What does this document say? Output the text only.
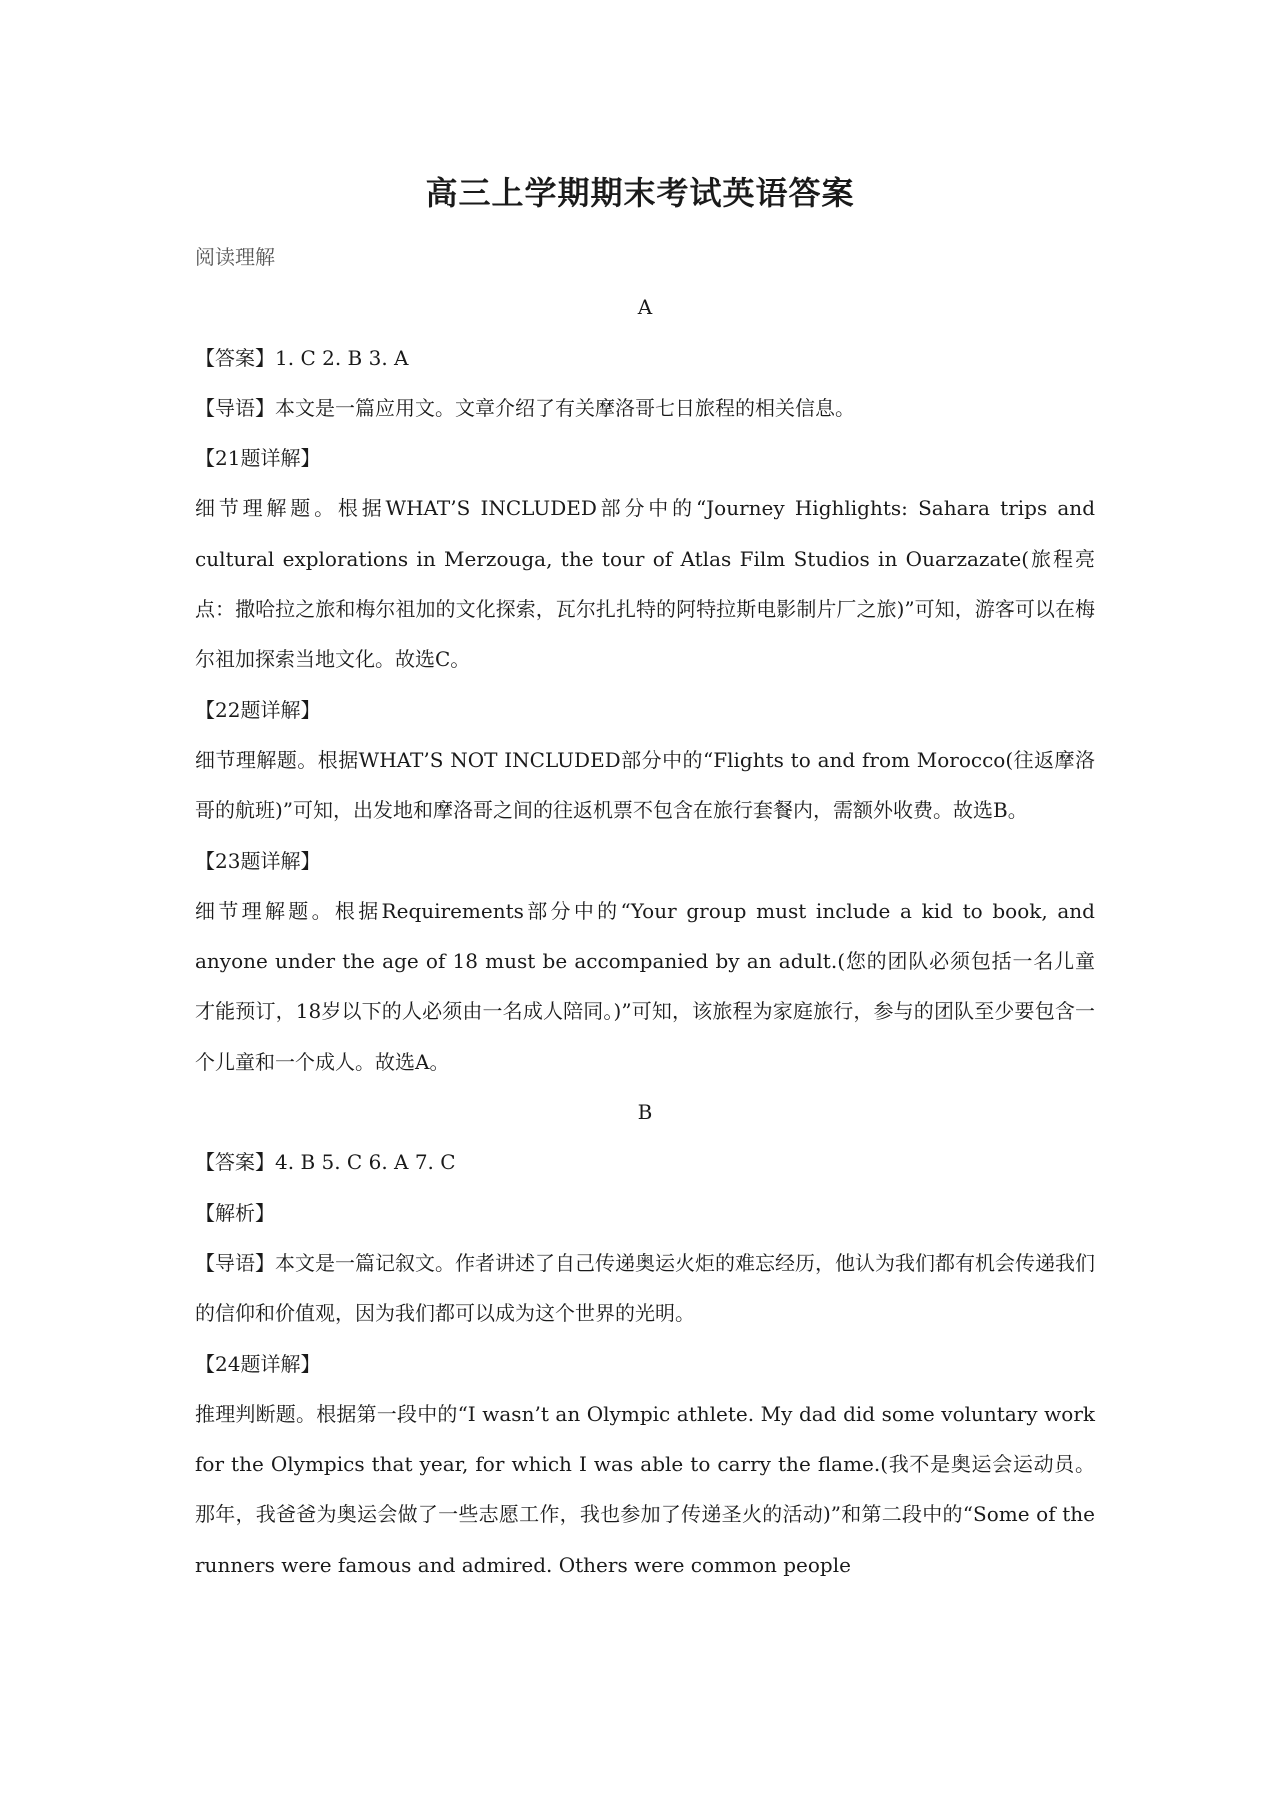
高三上学期期末考试英语答案

阅读理解

A

【答案】1. C 2. B 3. A

【导语】本文是一篇应用文。文章介绍了有关摩洛哥七日旅程的相关信息。

【21题详解】

细节理解题。根据WHAT’S INCLUDED部分中的“Journey Highlights: Sahara trips and cultural explorations in Merzouga, the tour of Atlas Film Studios in Ouarzazate(旅程亮点：撒哈拉之旅和梅尔祖加的文化探索，瓦尔扎扎特的阿特拉斯电影制片厂之旅)”可知，游客可以在梅尔祖加探索当地文化。故选C。

【22题详解】

细节理解题。根据WHAT’S NOT INCLUDED部分中的“Flights to and from Morocco(往返摩洛哥的航班)”可知，出发地和摩洛哥之间的往返机票不包含在旅行套餐内，需额外收费。故选B。

【23题详解】

细节理解题。根据Requirements部分中的“Your group must include a kid to book, and anyone under the age of 18 must be accompanied by an adult.(您的团队必须包括一名儿童才能预订，18岁以下的人必须由一名成人陪同。)”可知，该旅程为家庭旅行，参与的团队至少要包含一个儿童和一个成人。故选A。

B

【答案】4. B 5. C 6. A 7. C

【解析】

【导语】本文是一篇记叙文。作者讲述了自己传递奥运火炬的难忘经历，他认为我们都有机会传递我们的信仰和价值观，因为我们都可以成为这个世界的光明。

【24题详解】

推理判断题。根据第一段中的“I wasn’t an Olympic athlete. My dad did some voluntary work for the Olympics that year, for which I was able to carry the flame.(我不是奥运会运动员。那年，我爸爸为奥运会做了一些志愿工作，我也参加了传递圣火的活动)”和第二段中的“Some of the runners were famous and admired. Others were common people
